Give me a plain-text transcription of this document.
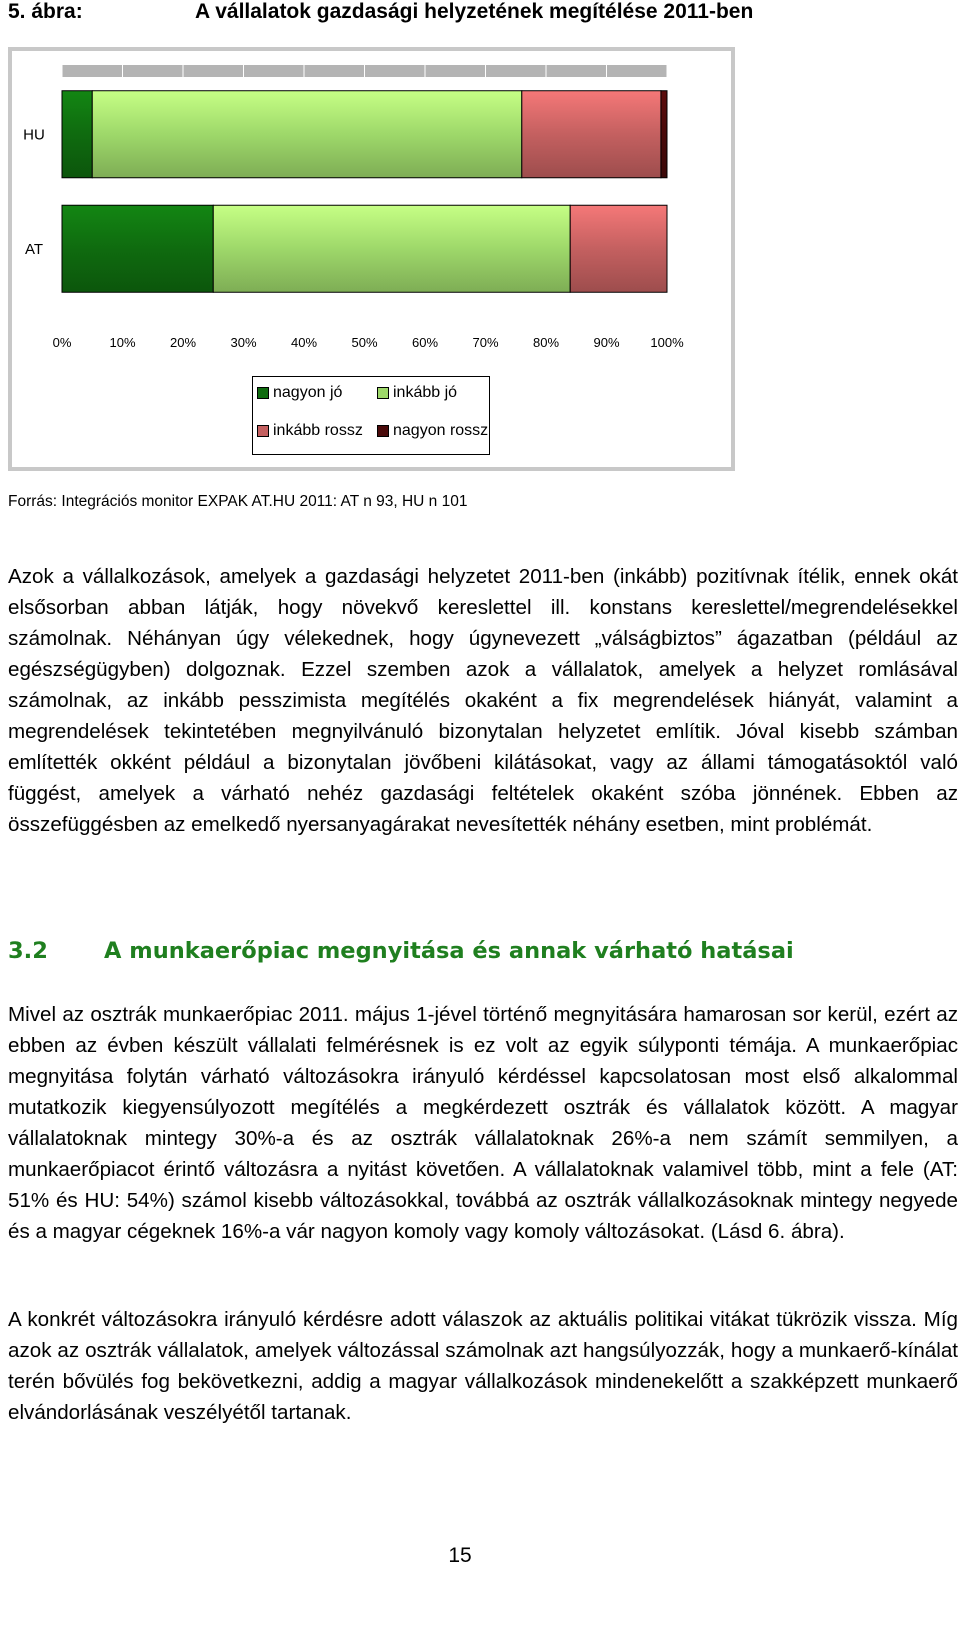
5. ábra:	A vállalatok gazdasági helyzetének megítélése 2011-ben
0%	10%	20%	30%	40%	50%	60%	70%	80%	90% 100%
HU
AT
nagyon jó	inkább jó
inkább rossz nagyon rossz
Forrás: Integrációs monitor EXPAK AT.HU 2011: AT n 93, HU n 101

Azok a vállalkozások, amelyek a gazdasági helyzetet 2011-ben (inkább) pozitívnak ítélik, ennek okát elsősorban abban látják, hogy növekvő kereslettel ill. konstans kereslettel/megrendelésekkel számolnak. Néhányan úgy vélekednek, hogy úgynevezett „válságbiztos” ágazatban (például az egészségügyben) dolgoznak. Ezzel szemben azok a vállalatok, amelyek a helyzet romlásával számolnak, az inkább pesszimista megítélés okaként a fix megrendelések hiányát, valamint a megrendelések tekintetében megnyilvánuló bizonytalan helyzetet említik. Jóval kisebb számban említették okként például a bizonytalan jövőbeni kilátásokat, vagy az állami támogatásoktól való függést, amelyek a várható nehéz gazdasági feltételek okaként szóba jönnének. Ebben az összefüggésben az emelkedő nyersanyagárakat nevesítették néhány esetben, mint problémát.

3.2 A munkaerőpiac megnyitása és annak várható hatásai

Mivel az osztrák munkaerőpiac 2011. május 1-jével történő megnyitására hamarosan sor kerül, ezért az ebben az évben készült vállalati felmérésnek is ez volt az egyik súlyponti témája. A munkaerőpiac megnyitása folytán várható változásokra irányuló kérdéssel kapcsolatosan most első alkalommal mutatkozik kiegyensúlyozott megítélés a megkérdezett osztrák és vállalatok között. A magyar vállalatoknak mintegy 30%-a és az osztrák vállalatoknak 26%-a nem számít semmilyen, a munkaerőpiacot érintő változásra a nyitást követően. A vállalatoknak valamivel több, mint a fele (AT: 51% és HU: 54%) számol kisebb változásokkal, továbbá az osztrák vállalkozásoknak mintegy negyede és a magyar cégeknek 16%-a vár nagyon komoly vagy komoly változásokat. (Lásd 6. ábra).

A konkrét változásokra irányuló kérdésre adott válaszok az aktuális politikai vitákat tükrözik vissza. Míg azok az osztrák vállalatok, amelyek változással számolnak azt hangsúlyozzák, hogy a munkaerő-kínálat terén bővülés fog bekövetkezni, addig a magyar vállalkozások mindenekelőtt a szakképzett munkaerő elvándorlásának veszélyétől tartanak.

15
